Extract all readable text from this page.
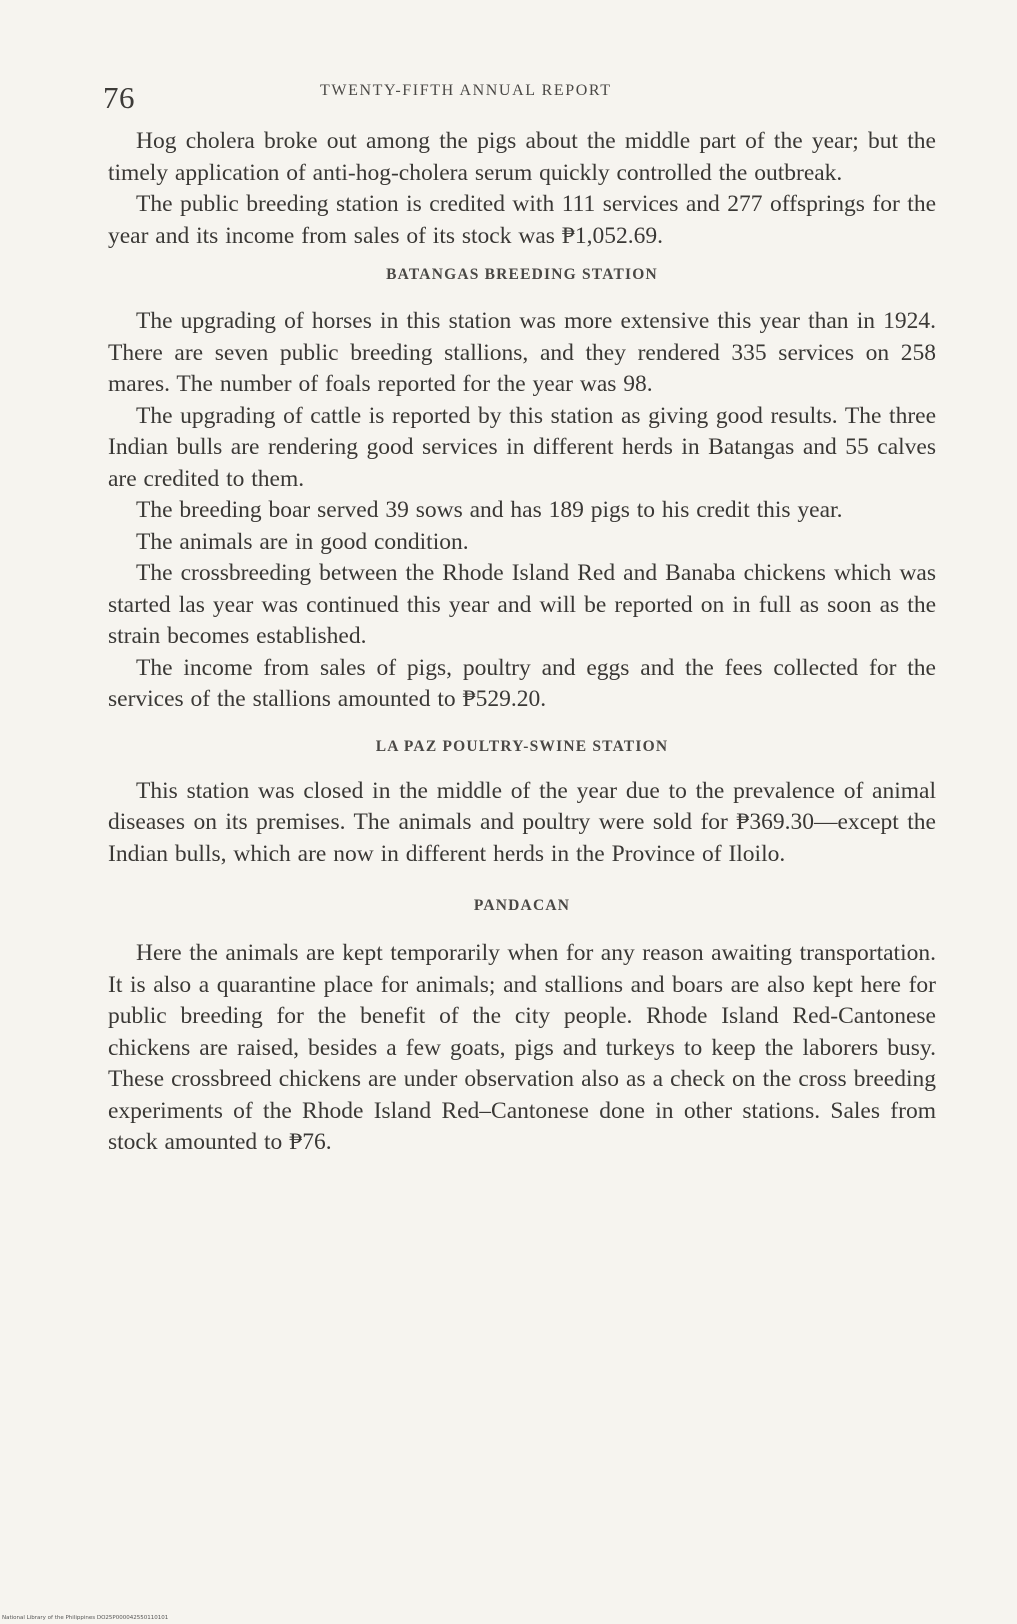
76	TWENTY-FIFTH ANNUAL REPORT

Hog cholera broke out among the pigs about the middle part of the year; but the timely application of anti-hog-cholera serum quickly controlled the outbreak.

The public breeding station is credited with 111 services and 277 offsprings for the year and its income from sales of its stock was ₱1,052.69.

BATANGAS BREEDING STATION

The upgrading of horses in this station was more extensive this year than in 1924. There are seven public breeding stallions, and they rendered 335 services on 258 mares. The number of foals reported for the year was 98.

The upgrading of cattle is reported by this station as giving good results. The three Indian bulls are rendering good services in different herds in Batangas and 55 calves are credited to them.

The breeding boar served 39 sows and has 189 pigs to his credit this year.

The animals are in good condition.

The crossbreeding between the Rhode Island Red and Banaba chickens which was started las year was continued this year and will be reported on in full as soon as the strain becomes established.

The income from sales of pigs, poultry and eggs and the fees collected for the services of the stallions amounted to ₱529.20.

LA PAZ POULTRY-SWINE STATION

This station was closed in the middle of the year due to the prevalence of animal diseases on its premises. The animals and poultry were sold for ₱369.30—except the Indian bulls, which are now in different herds in the Province of Iloilo.

PANDACAN

Here the animals are kept temporarily when for any reason awaiting transportation. It is also a quarantine place for animals; and stallions and boars are also kept here for public breeding for the benefit of the city people. Rhode Island Red-Cantonese chickens are raised, besides a few goats, pigs and turkeys to keep the laborers busy. These crossbreed chickens are under observation also as a check on the cross breeding experiments of the Rhode Island Red–Cantonese done in other stations. Sales from stock amounted to ₱76.

National Library of the Philippines DO25P000042550110101
